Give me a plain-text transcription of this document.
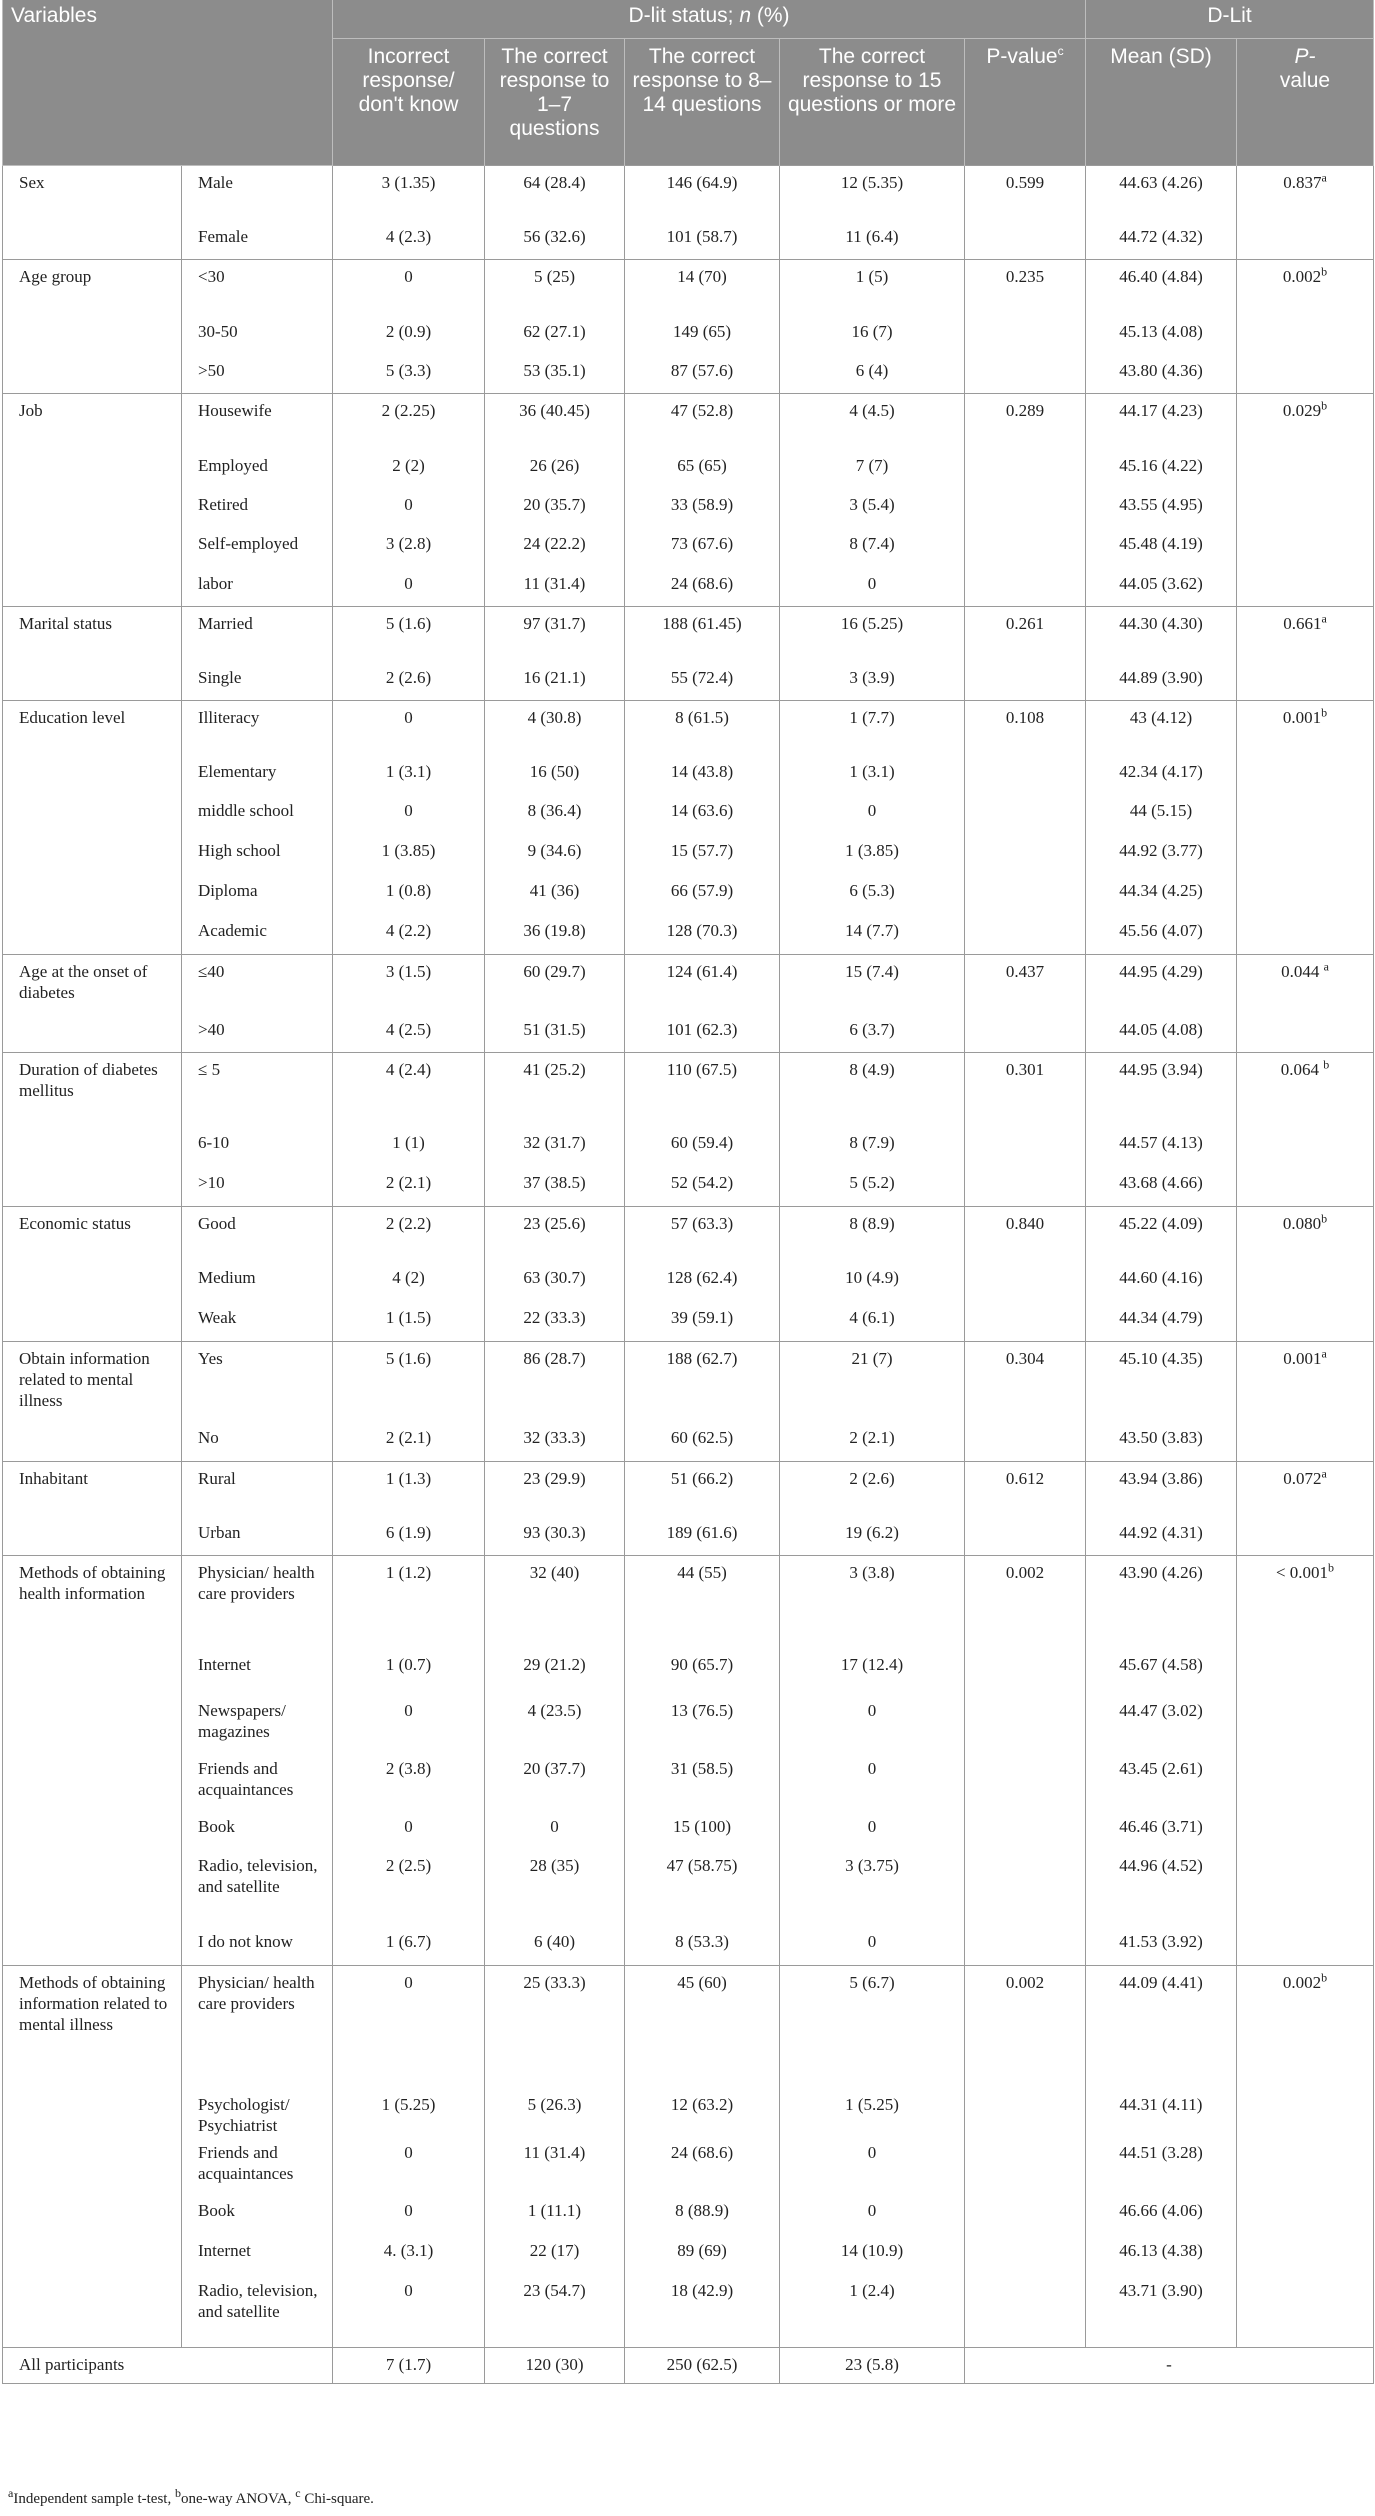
Variables		D-lit status; n (%)					D-Lit	
		Incorrect response/ don't know	The correct response to 1–7 questions	The correct response to 8–14 questions	The correct response to 15 questions or more	P-value$^c$	Mean (SD)	P-
value
Sex	Male	3 (1.35)	64 (28.4)	146 (64.9)	12 (5.35)	0.599	44.63 (4.26)	0.837$^a$
	Female	4 (2.3)	56 (32.6)	101 (58.7)	11 (6.4)		44.72 (4.32)	
Age group	<30	0	5 (25)	14 (70)	1 (5)	0.235	46.40 (4.84)	0.002$^b$
	30-50	2 (0.9)	62 (27.1)	149 (65)	16 (7)		45.13 (4.08)	
	>50	5 (3.3)	53 (35.1)	87 (57.6)	6 (4)		43.80 (4.36)	
Job	Housewife	2 (2.25)	36 (40.45)	47 (52.8)	4 (4.5)	0.289	44.17 (4.23)	0.029$^b$
	Employed	2 (2)	26 (26)	65 (65)	7 (7)		45.16 (4.22)	
	Retired	0	20 (35.7)	33 (58.9)	3 (5.4)		43.55 (4.95)	
	Self-employed	3 (2.8)	24 (22.2)	73 (67.6)	8 (7.4)		45.48 (4.19)	
	labor	0	11 (31.4)	24 (68.6)	0		44.05 (3.62)	
Marital status	Married	5 (1.6)	97 (31.7)	188 (61.45)	16 (5.25)	0.261	44.30 (4.30)	0.661$^a$
	Single	2 (2.6)	16 (21.1)	55 (72.4)	3 (3.9)		44.89 (3.90)	
Education level	Illiteracy	0	4 (30.8)	8 (61.5)	1 (7.7)	0.108	43 (4.12)	0.001$^b$
	Elementary	1 (3.1)	16 (50)	14 (43.8)	1 (3.1)		42.34 (4.17)	
	middle school	0	8 (36.4)	14 (63.6)	0		44 (5.15)	
	High school	1 (3.85)	9 (34.6)	15 (57.7)	1 (3.85)		44.92 (3.77)	
	Diploma	1 (0.8)	41 (36)	66 (57.9)	6 (5.3)		44.34 (4.25)	
	Academic	4 (2.2)	36 (19.8)	128 (70.3)	14 (7.7)		45.56 (4.07)	
Age at the onset of diabetes	≤40	3 (1.5)	60 (29.7)	124 (61.4)	15 (7.4)	0.437	44.95 (4.29)	0.044 $^a$
	>40	4 (2.5)	51 (31.5)	101 (62.3)	6 (3.7)		44.05 (4.08)	
Duration of diabetes mellitus	≤ 5	4 (2.4)	41 (25.2)	110 (67.5)	8 (4.9)	0.301	44.95 (3.94)	0.064 $^b$
	6-10	1 (1)	32 (31.7)	60 (59.4)	8 (7.9)		44.57 (4.13)	
	>10	2 (2.1)	37 (38.5)	52 (54.2)	5 (5.2)		43.68 (4.66)	
Economic status	Good	2 (2.2)	23 (25.6)	57 (63.3)	8 (8.9)	0.840	45.22 (4.09)	0.080$^b$
	Medium	4 (2)	63 (30.7)	128 (62.4)	10 (4.9)		44.60 (4.16)	
	Weak	1 (1.5)	22 (33.3)	39 (59.1)	4 (6.1)		44.34 (4.79)	
Obtain information related to mental illness	Yes	5 (1.6)	86 (28.7)	188 (62.7)	21 (7)	0.304	45.10 (4.35)	0.001$^a$
	No	2 (2.1)	32 (33.3)	60 (62.5)	2 (2.1)		43.50 (3.83)	
Inhabitant	Rural	1 (1.3)	23 (29.9)	51 (66.2)	2 (2.6)	0.612	43.94 (3.86)	0.072$^a$
	Urban	6 (1.9)	93 (30.3)	189 (61.6)	19 (6.2)		44.92 (4.31)	
Methods of obtaining health information	Physician/ health care providers	1 (1.2)	32 (40)	44 (55)	3 (3.8)	0.002	43.90 (4.26)	< 0.001$^b$
	Internet	1 (0.7)	29 (21.2)	90 (65.7)	17 (12.4)		45.67 (4.58)	
	Newspapers/ magazines	0	4 (23.5)	13 (76.5)	0		44.47 (3.02)	
	Friends and acquaintances	2 (3.8)	20 (37.7)	31 (58.5)	0		43.45 (2.61)	
	Book	0	0	15 (100)	0		46.46 (3.71)	
	Radio, television, and satellite	2 (2.5)	28 (35)	47 (58.75)	3 (3.75)		44.96 (4.52)	
	I do not know	1 (6.7)	6 (40)	8 (53.3)	0		41.53 (3.92)	
Methods of obtaining information related to mental illness	Physician/ health care providers	0	25 (33.3)	45 (60)	5 (6.7)	0.002	44.09 (4.41)	0.002$^b$
	Psychologist/ Psychiatrist	1 (5.25)	5 (26.3)	12 (63.2)	1 (5.25)		44.31 (4.11)	
	Friends and acquaintances	0	11 (31.4)	24 (68.6)	0		44.51 (3.28)	
	Book	0	1 (11.1)	8 (88.9)	0		46.66 (4.06)	
	Internet	4. (3.1)	22 (17)	89 (69)	14 (10.9)		46.13 (4.38)	
	Radio, television, and satellite	0	23 (54.7)	18 (42.9)	1 (2.4)		43.71 (3.90)	
All participants		7 (1.7)	120 (30)	250 (62.5)	23 (5.8)	-		
$^a$Independent sample t-test, $^b$one-way ANOVA, $^c$ Chi-square.
